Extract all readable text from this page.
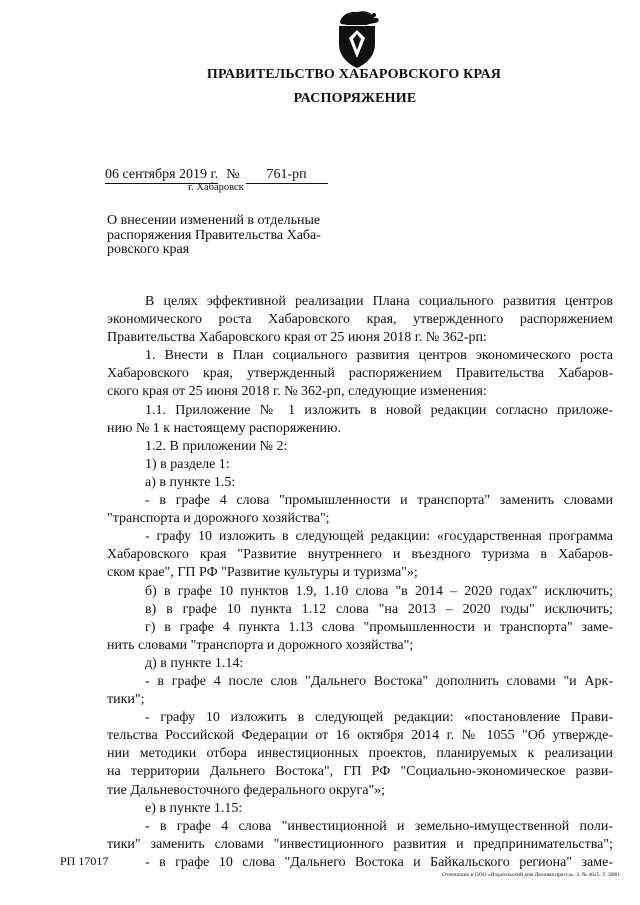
ПРАВИТЕЛЬСТВО ХАБАРОВСКОГО КРАЯ
РАСПОРЯЖЕНИЕ
06 сентября 2019 г. № 761-рп
г. Хабаровск
О внесении изменений в отдельные
распоряжения Правительства Хаба-
ровского края
В целях эффективной реализации Плана социального развития центров
экономического роста Хабаровского края, утвержденного распоряжением
Правительства Хабаровского края от 25 июня 2018 г. № 362-рп:
1. Внести в План социального развития центров экономического роста
Хабаровского края, утвержденный распоряжением Правительства Хабаров-
ского края от 25 июня 2018 г. № 362-рп, следующие изменения:
1.1. Приложение № 1 изложить в новой редакции согласно приложе-
нию № 1 к настоящему распоряжению.
1.2. В приложении № 2:
1) в разделе 1:
а) в пункте 1.5:
- в графе 4 слова "промышленности и транспорта" заменить словами
"транспорта и дорожного хозяйства";
- графу 10 изложить в следующей редакции: «государственная программа
Хабаровского края "Развитие внутреннего и въездного туризма в Хабаров-
ском крае", ГП РФ "Развитие культуры и туризма"»;
б) в графе 10 пунктов 1.9, 1.10 слова "в 2014 – 2020 годах" исключить;
в) в графе 10 пункта 1.12 слова "на 2013 – 2020 годы" исключить;
г) в графе 4 пункта 1.13 слова "промышленности и транспорта" заме-
нить словами "транспорта и дорожного хозяйства";
д) в пункте 1.14:
- в графе 4 после слов "Дальнего Востока" дополнить словами "и Арк-
тики";
- графу 10 изложить в следующей редакции: «постановление Прави-
тельства Российской Федерации от 16 октября 2014 г. № 1055 "Об утвержде-
нии методики отбора инвестиционных проектов, планируемых к реализации
на территории Дальнего Востока", ГП РФ "Социально-экономическое разви-
тие Дальневосточного федерального округа"»;
е) в пункте 1.15:
- в графе 4 слова "инвестиционной и земельно-имущественной поли-
тики" заменить словами "инвестиционного развития и предпринимательства";
- в графе 10 слова "Дальнего Востока и Байкальского региона" заме-
РП 17017
Отпечатано в ООО «Издательский дом Деловая пресса». З. № 4625. Т. 3000.
